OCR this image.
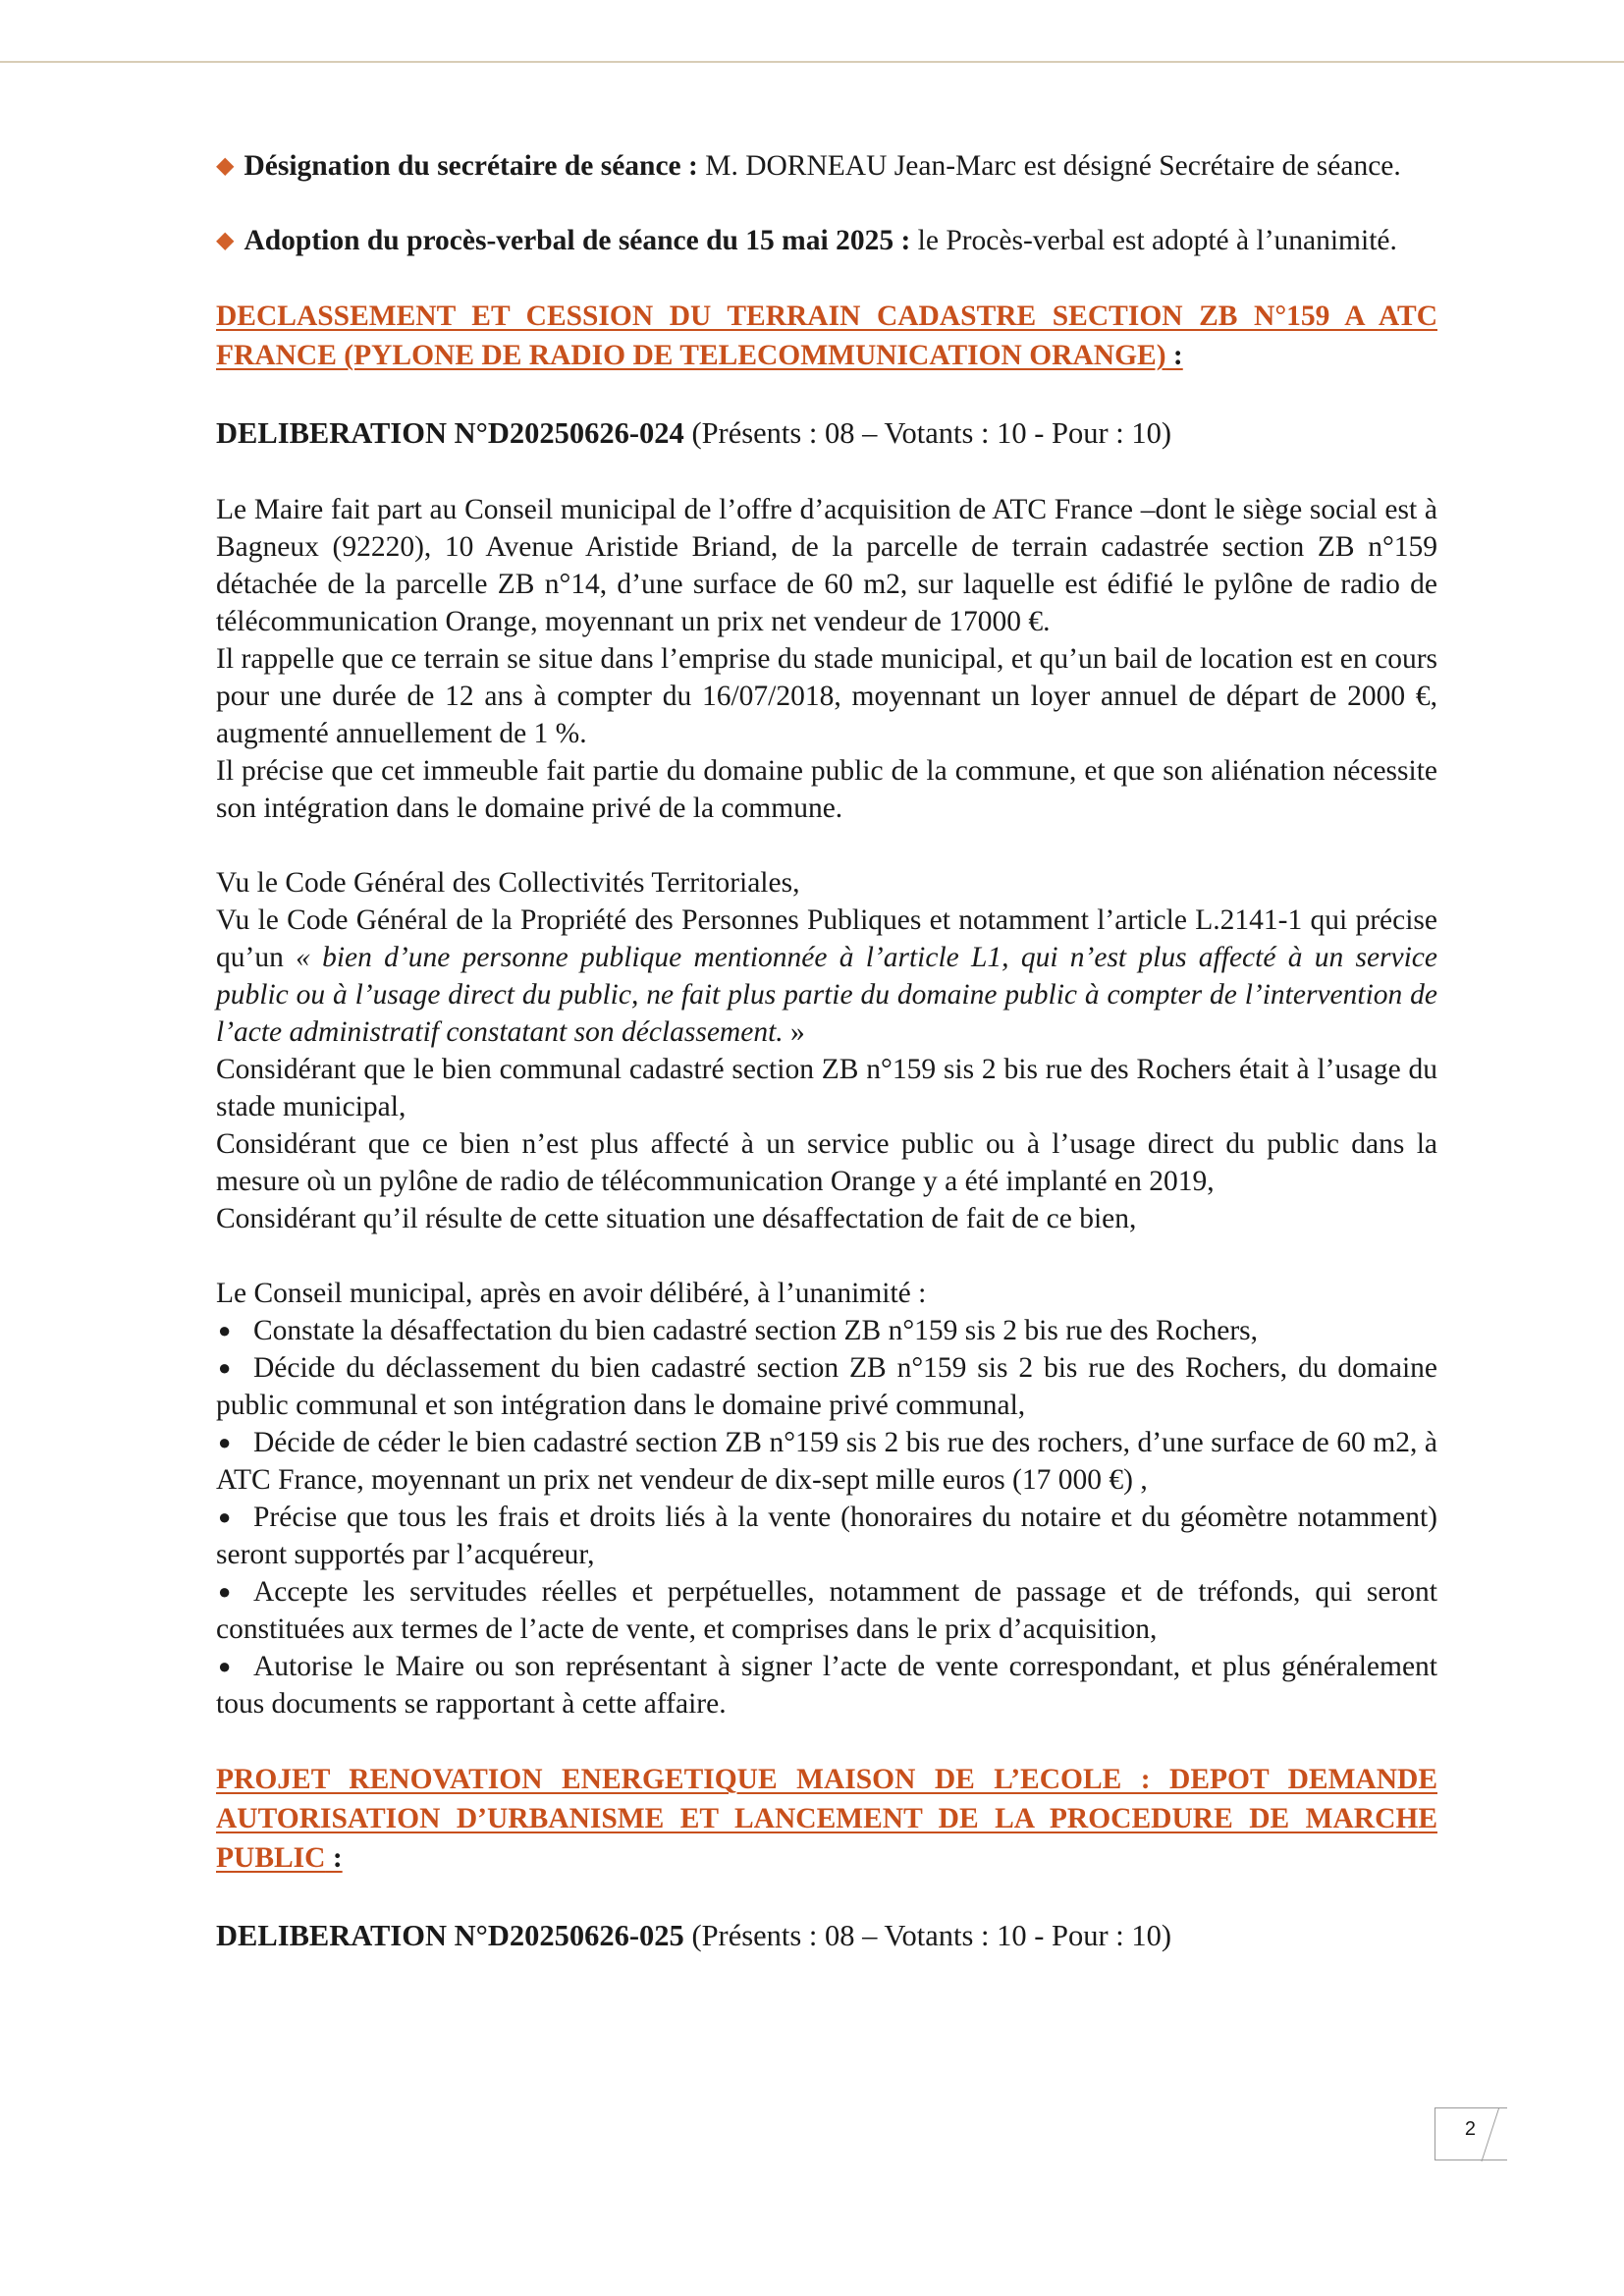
◆ Désignation du secrétaire de séance : M. DORNEAU Jean-Marc est désigné Secrétaire de séance.

◆ Adoption du procès-verbal de séance du 15 mai 2025 : le Procès-verbal est adopté à l’unanimité.

DECLASSEMENT ET CESSION DU TERRAIN CADASTRE SECTION ZB N°159 A ATC FRANCE (PYLONE DE RADIO DE TELECOMMUNICATION ORANGE) :

DELIBERATION N°D20250626-024 (Présents : 08 – Votants : 10 - Pour : 10)

Le Maire fait part au Conseil municipal de l’offre d’acquisition de ATC France –dont le siège social est à Bagneux (92220), 10 Avenue Aristide Briand, de la parcelle de terrain cadastrée section ZB n°159 détachée de la parcelle ZB n°14, d’une surface de 60 m2, sur laquelle est édifié le pylône de radio de télécommunication Orange, moyennant un prix net vendeur de 17000 €.

Il rappelle que ce terrain se situe dans l’emprise du stade municipal, et qu’un bail de location est en cours pour une durée de 12 ans à compter du 16/07/2018, moyennant un loyer annuel de départ de 2000 €, augmenté annuellement de 1 %.

Il précise que cet immeuble fait partie du domaine public de la commune, et que son aliénation nécessite son intégration dans le domaine privé de la commune.

Vu le Code Général des Collectivités Territoriales,

Vu le Code Général de la Propriété des Personnes Publiques et notamment l’article L.2141-1 qui précise qu’un « bien d’une personne publique mentionnée à l’article L1, qui n’est plus affecté à un service public ou à l’usage direct du public, ne fait plus partie du domaine public à compter de l’intervention de l’acte administratif constatant son déclassement. »

Considérant que le bien communal cadastré section ZB n°159 sis 2 bis rue des Rochers était à l’usage du stade municipal,

Considérant que ce bien n’est plus affecté à un service public ou à l’usage direct du public dans la mesure où un pylône de radio de télécommunication Orange y a été implanté en 2019,

Considérant qu’il résulte de cette situation une désaffectation de fait de ce bien,

Le Conseil municipal, après en avoir délibéré, à l’unanimité :

● Constate la désaffectation du bien cadastré section ZB n°159 sis 2 bis rue des Rochers,
● Décide du déclassement du bien cadastré section ZB n°159 sis 2 bis rue des Rochers, du domaine public communal et son intégration dans le domaine privé communal,
● Décide de céder le bien cadastré section ZB n°159 sis 2 bis rue des rochers, d’une surface de 60 m2, à ATC France, moyennant un prix net vendeur de dix-sept mille euros (17 000 €) ,
● Précise que tous les frais et droits liés à la vente (honoraires du notaire et du géomètre notamment) seront supportés par l’acquéreur,
● Accepte les servitudes réelles et perpétuelles, notamment de passage et de tréfonds, qui seront constituées aux termes de l’acte de vente, et comprises dans le prix d’acquisition,
● Autorise le Maire ou son représentant à signer l’acte de vente correspondant, et plus généralement tous documents se rapportant à cette affaire.

PROJET RENOVATION ENERGETIQUE MAISON DE L’ECOLE : DEPOT DEMANDE AUTORISATION D’URBANISME ET LANCEMENT DE LA PROCEDURE DE MARCHE PUBLIC :

DELIBERATION N°D20250626-025 (Présents : 08 – Votants : 10 - Pour : 10)

2
